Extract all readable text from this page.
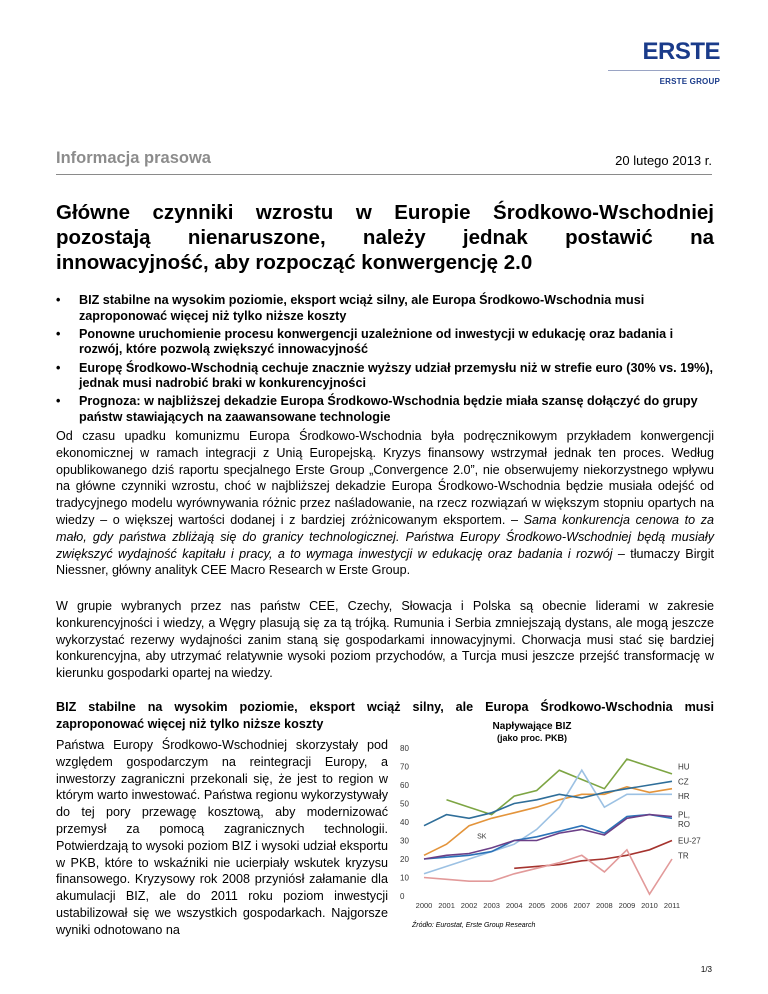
ERSTE
ERSTE GROUP
Informacja prasowa	20 lutego 2013 r.
Główne czynniki wzrostu w Europie Środkowo-Wschodniej
pozostają nienaruszone, należy jednak postawić na
innowacyjność, aby rozpocząć konwergencję 2.0
• BIZ stabilne na wysokim poziomie, eksport wciąż silny, ale Europa Środkowo-Wschodnia musi zaproponować więcej niż tylko niższe koszty
• Ponowne uruchomienie procesu konwergencji uzależnione od inwestycji w edukację oraz badania i rozwój, które pozwolą zwiększyć innowacyjność
• Europę Środkowo-Wschodnią cechuje znacznie wyższy udział przemysłu niż w strefie euro (30% vs. 19%), jednak musi nadrobić braki w konkurencyjności
• Prognoza: w najbliższej dekadzie Europa Środkowo-Wschodnia będzie miała szansę dołączyć do grupy państw stawiających na zaawansowane technologie

Od czasu upadku komunizmu Europa Środkowo-Wschodnia była podręcznikowym przykładem konwergencji ekonomicznej w ramach integracji z Unią Europejską. Kryzys finansowy wstrzymał jednak ten proces. Według opublikowanego dziś raportu specjalnego Erste Group „Convergence 2.0”, nie obserwujemy niekorzystnego wpływu na główne czynniki wzrostu, choć w najbliższej dekadzie Europa Środkowo-Wschodnia będzie musiała odejść od tradycyjnego modelu wyrównywania różnic przez naśladowanie, na rzecz rozwiązań w większym stopniu opartych na wiedzy – o większej wartości dodanej i z bardziej zróżnicowanym eksportem. – Sama konkurencja cenowa to za mało, gdy państwa zbliżają się do granicy technologicznej. Państwa Europy Środkowo-Wschodniej będą musiały zwiększyć wydajność kapitału i pracy, a to wymaga inwestycji w edukację oraz badania i rozwój – tłumaczy Birgit Niessner, główny analityk CEE Macro Research w Erste Group.

W grupie wybranych przez nas państw CEE, Czechy, Słowacja i Polska są obecnie liderami w zakresie konkurencyjności i wiedzy, a Węgry plasują się za tą trójką. Rumunia i Serbia zmniejszają dystans, ale mogą jeszcze wykorzystać rezerwy wydajności zanim staną się gospodarkami innowacyjnymi. Chorwacja musi stać się bardziej konkurencyjna, aby utrzymać relatywnie wysoki poziom przychodów, a Turcja musi jeszcze przejść transformację w kierunku gospodarki opartej na wiedzy.

BIZ stabilne na wysokim poziomie, eksport wciąż silny, ale Europa Środkowo-Wschodnia musi
zaproponować więcej niż tylko niższe koszty

Państwa Europy Środkowo-Wschodniej skorzystały pod względem gospodarczym na reintegracji Europy, a inwestorzy zagraniczni przekonali się, że jest to region w którym warto inwestować. Państwa regionu wykorzystywały do tej pory przewagę kosztową, aby modernizować przemysł za pomocą zagranicznych technologii. Potwierdzają to wysoki poziom BIZ i wysoki udział eksportu w PKB, które to wskaźniki nie ucierpiały wskutek kryzysu finansowego. Kryzysowy rok 2008 przyniósł załamanie dla akumulacji BIZ, ale do 2011 roku poziom inwestycji ustabilizował się we wszystkich gospodarkach. Najgorsze wyniki odnotowano na

Napływające BIZ
(jako proc. PKB)
0
10
20
30
40
50
60
70
80
2000 2001 2002 2003 2004 2005 2006 2007 2008 2009 2010 2011
HU
CZ
HR
PL,
RO
EU-27
TR
SK
Źródło: Eurostat, Erste Group Research
1/3
